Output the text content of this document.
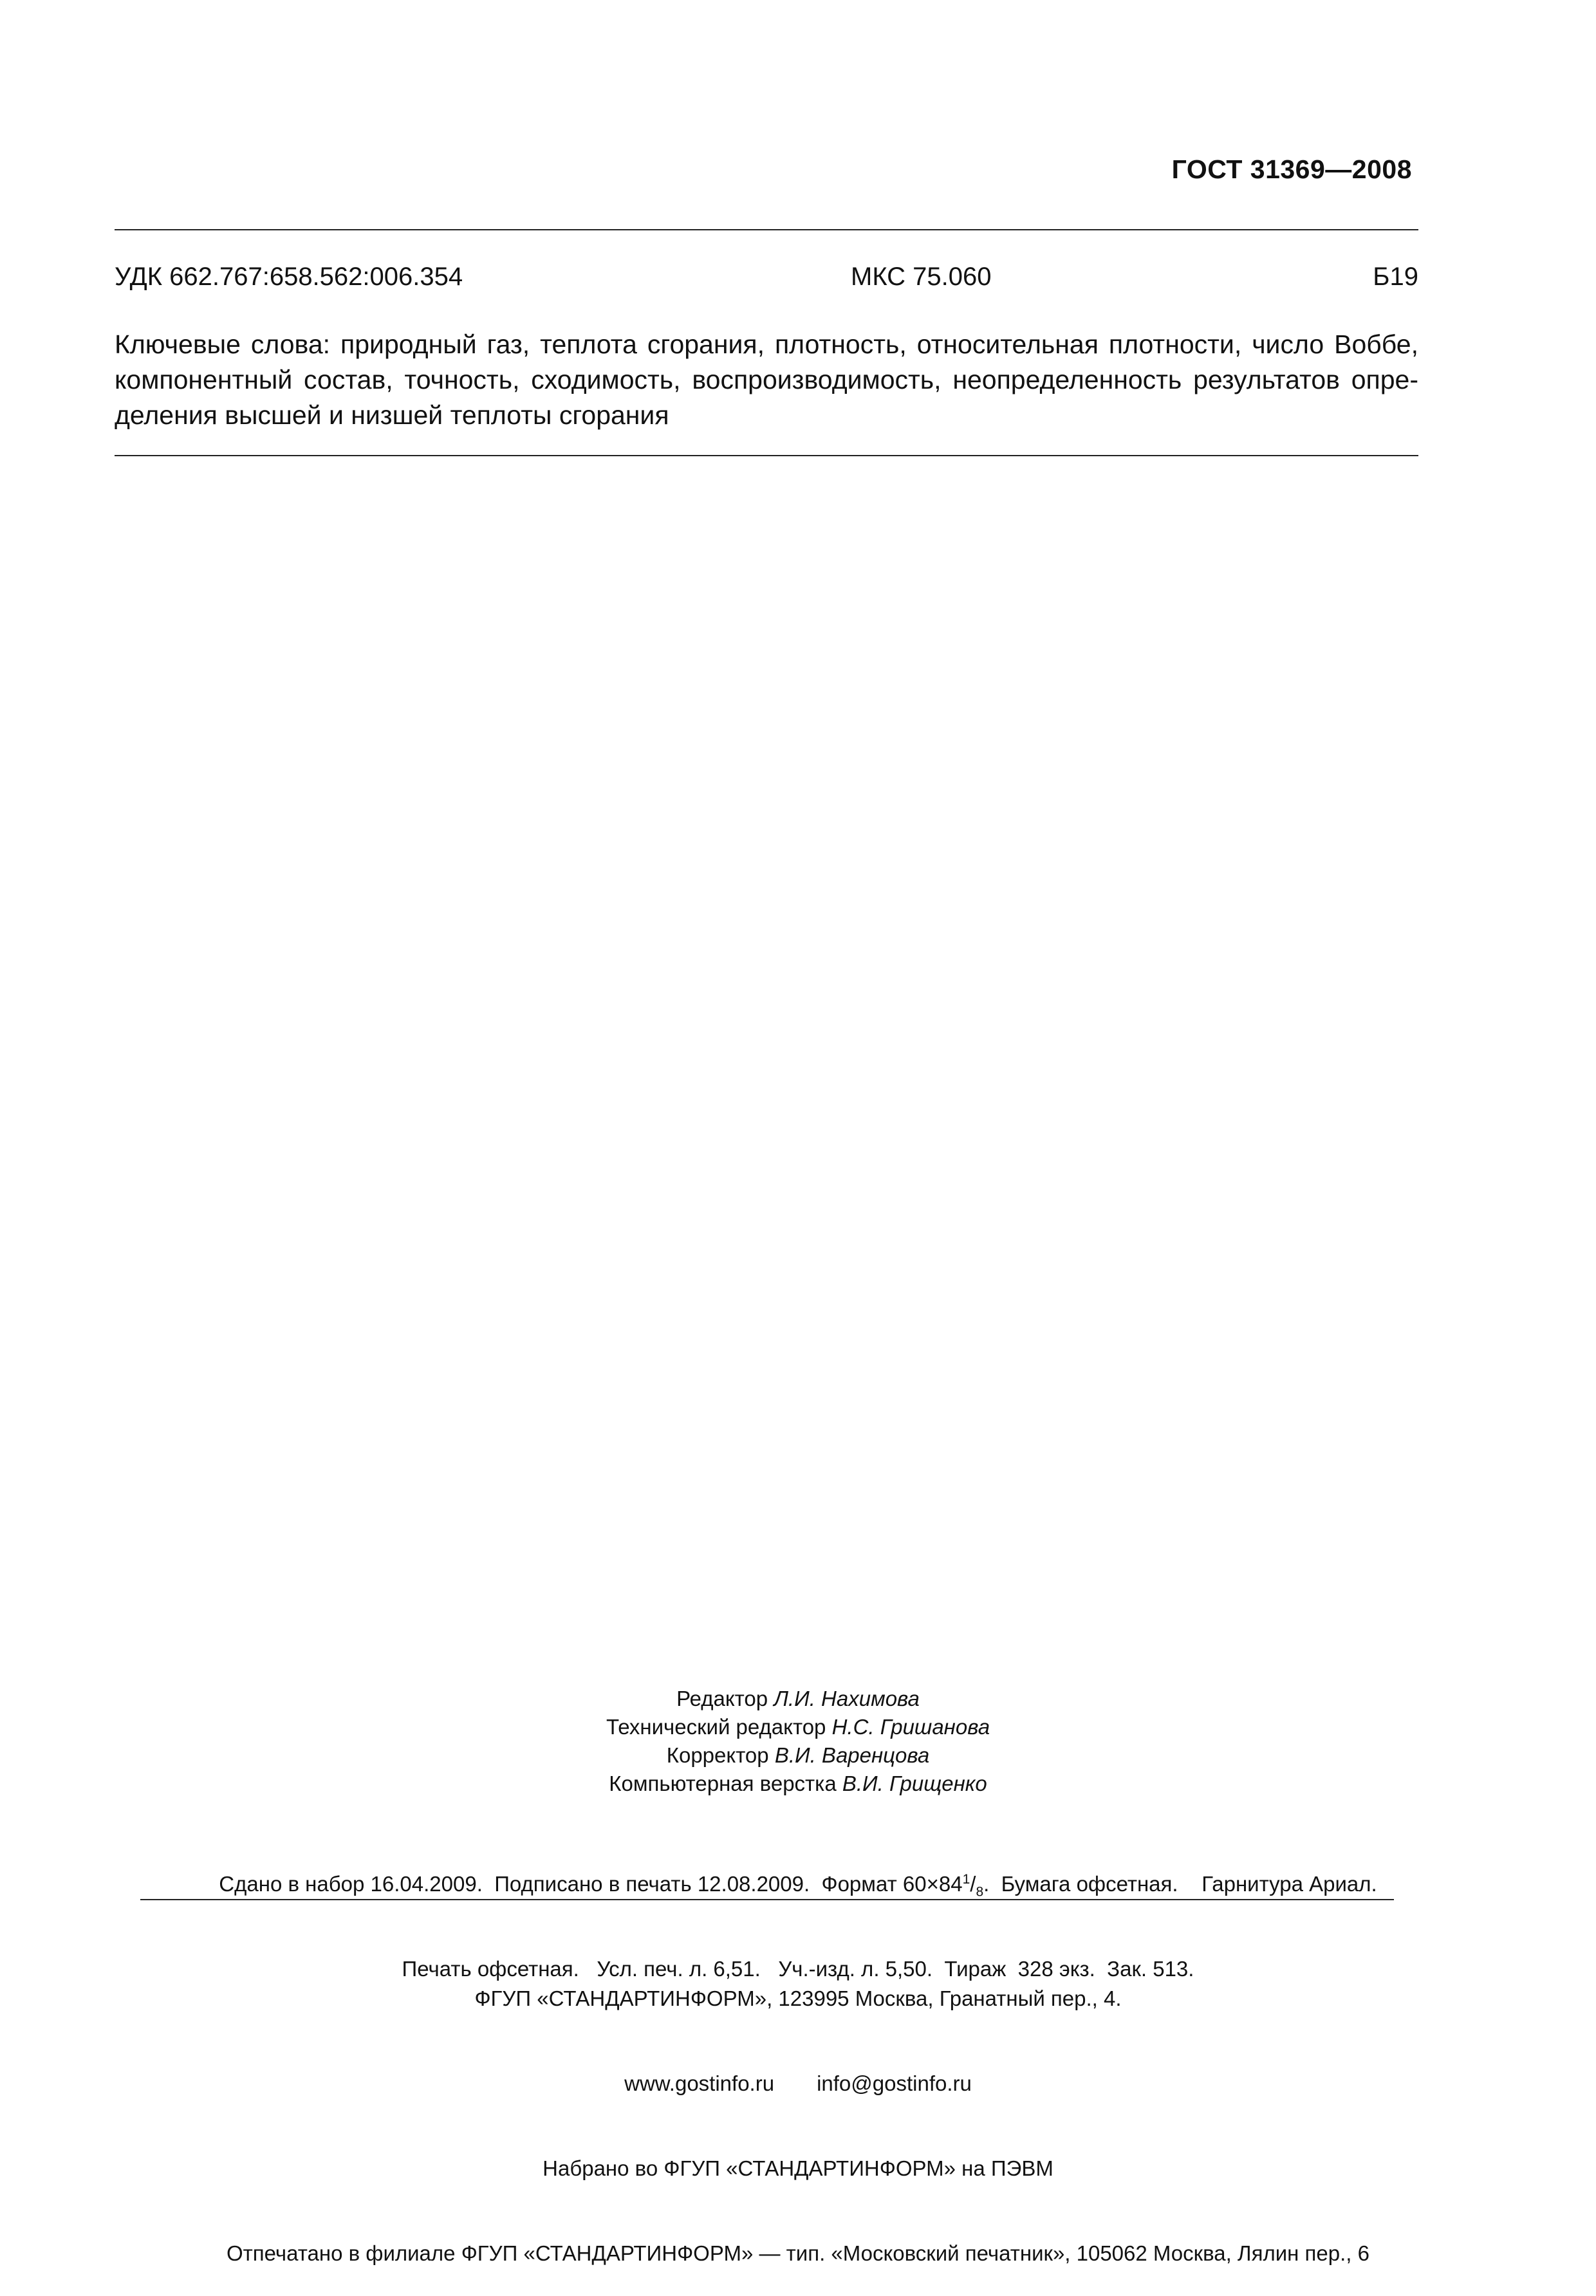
ГОСТ 31369—2008
УДК 662.767:658.562:006.354	МКС 75.060	Б19
Ключевые слова: природный газ, теплота сгорания, плотность, относительная плотности, число Воббе,
компонентный состав, точность, сходимость, воспроизводимость, неопределенность результатов опре-
деления высшей и низшей теплоты сгорания
Редактор Л.И. Нахимова
Технический редактор Н.С. Гришанова
Корректор В.И. Варенцова
Компьютерная верстка В.И. Грищенко

Сдано в набор 16.04.2009.  Подписано в печать 12.08.2009.  Формат $60\times 84^1/_8$.  Бумага офсетная.    Гарнитура Ариал.

Печать офсетная.   Усл. печ. л. 6,51.   Уч.-изд. л. 5,50.  Тираж  328 экз.  Зак. 513.

ФГУП «СТАНДАРТИНФОРМ», 123995 Москва, Гранатный пер., 4.

www.gostinfo.ru info@gostinfo.ru

Набрано во ФГУП «СТАНДАРТИНФОРМ» на ПЭВМ

Отпечатано в филиале ФГУП «СТАНДАРТИНФОРМ» — тип. «Московский печатник», 105062 Москва, Лялин пер., 6
